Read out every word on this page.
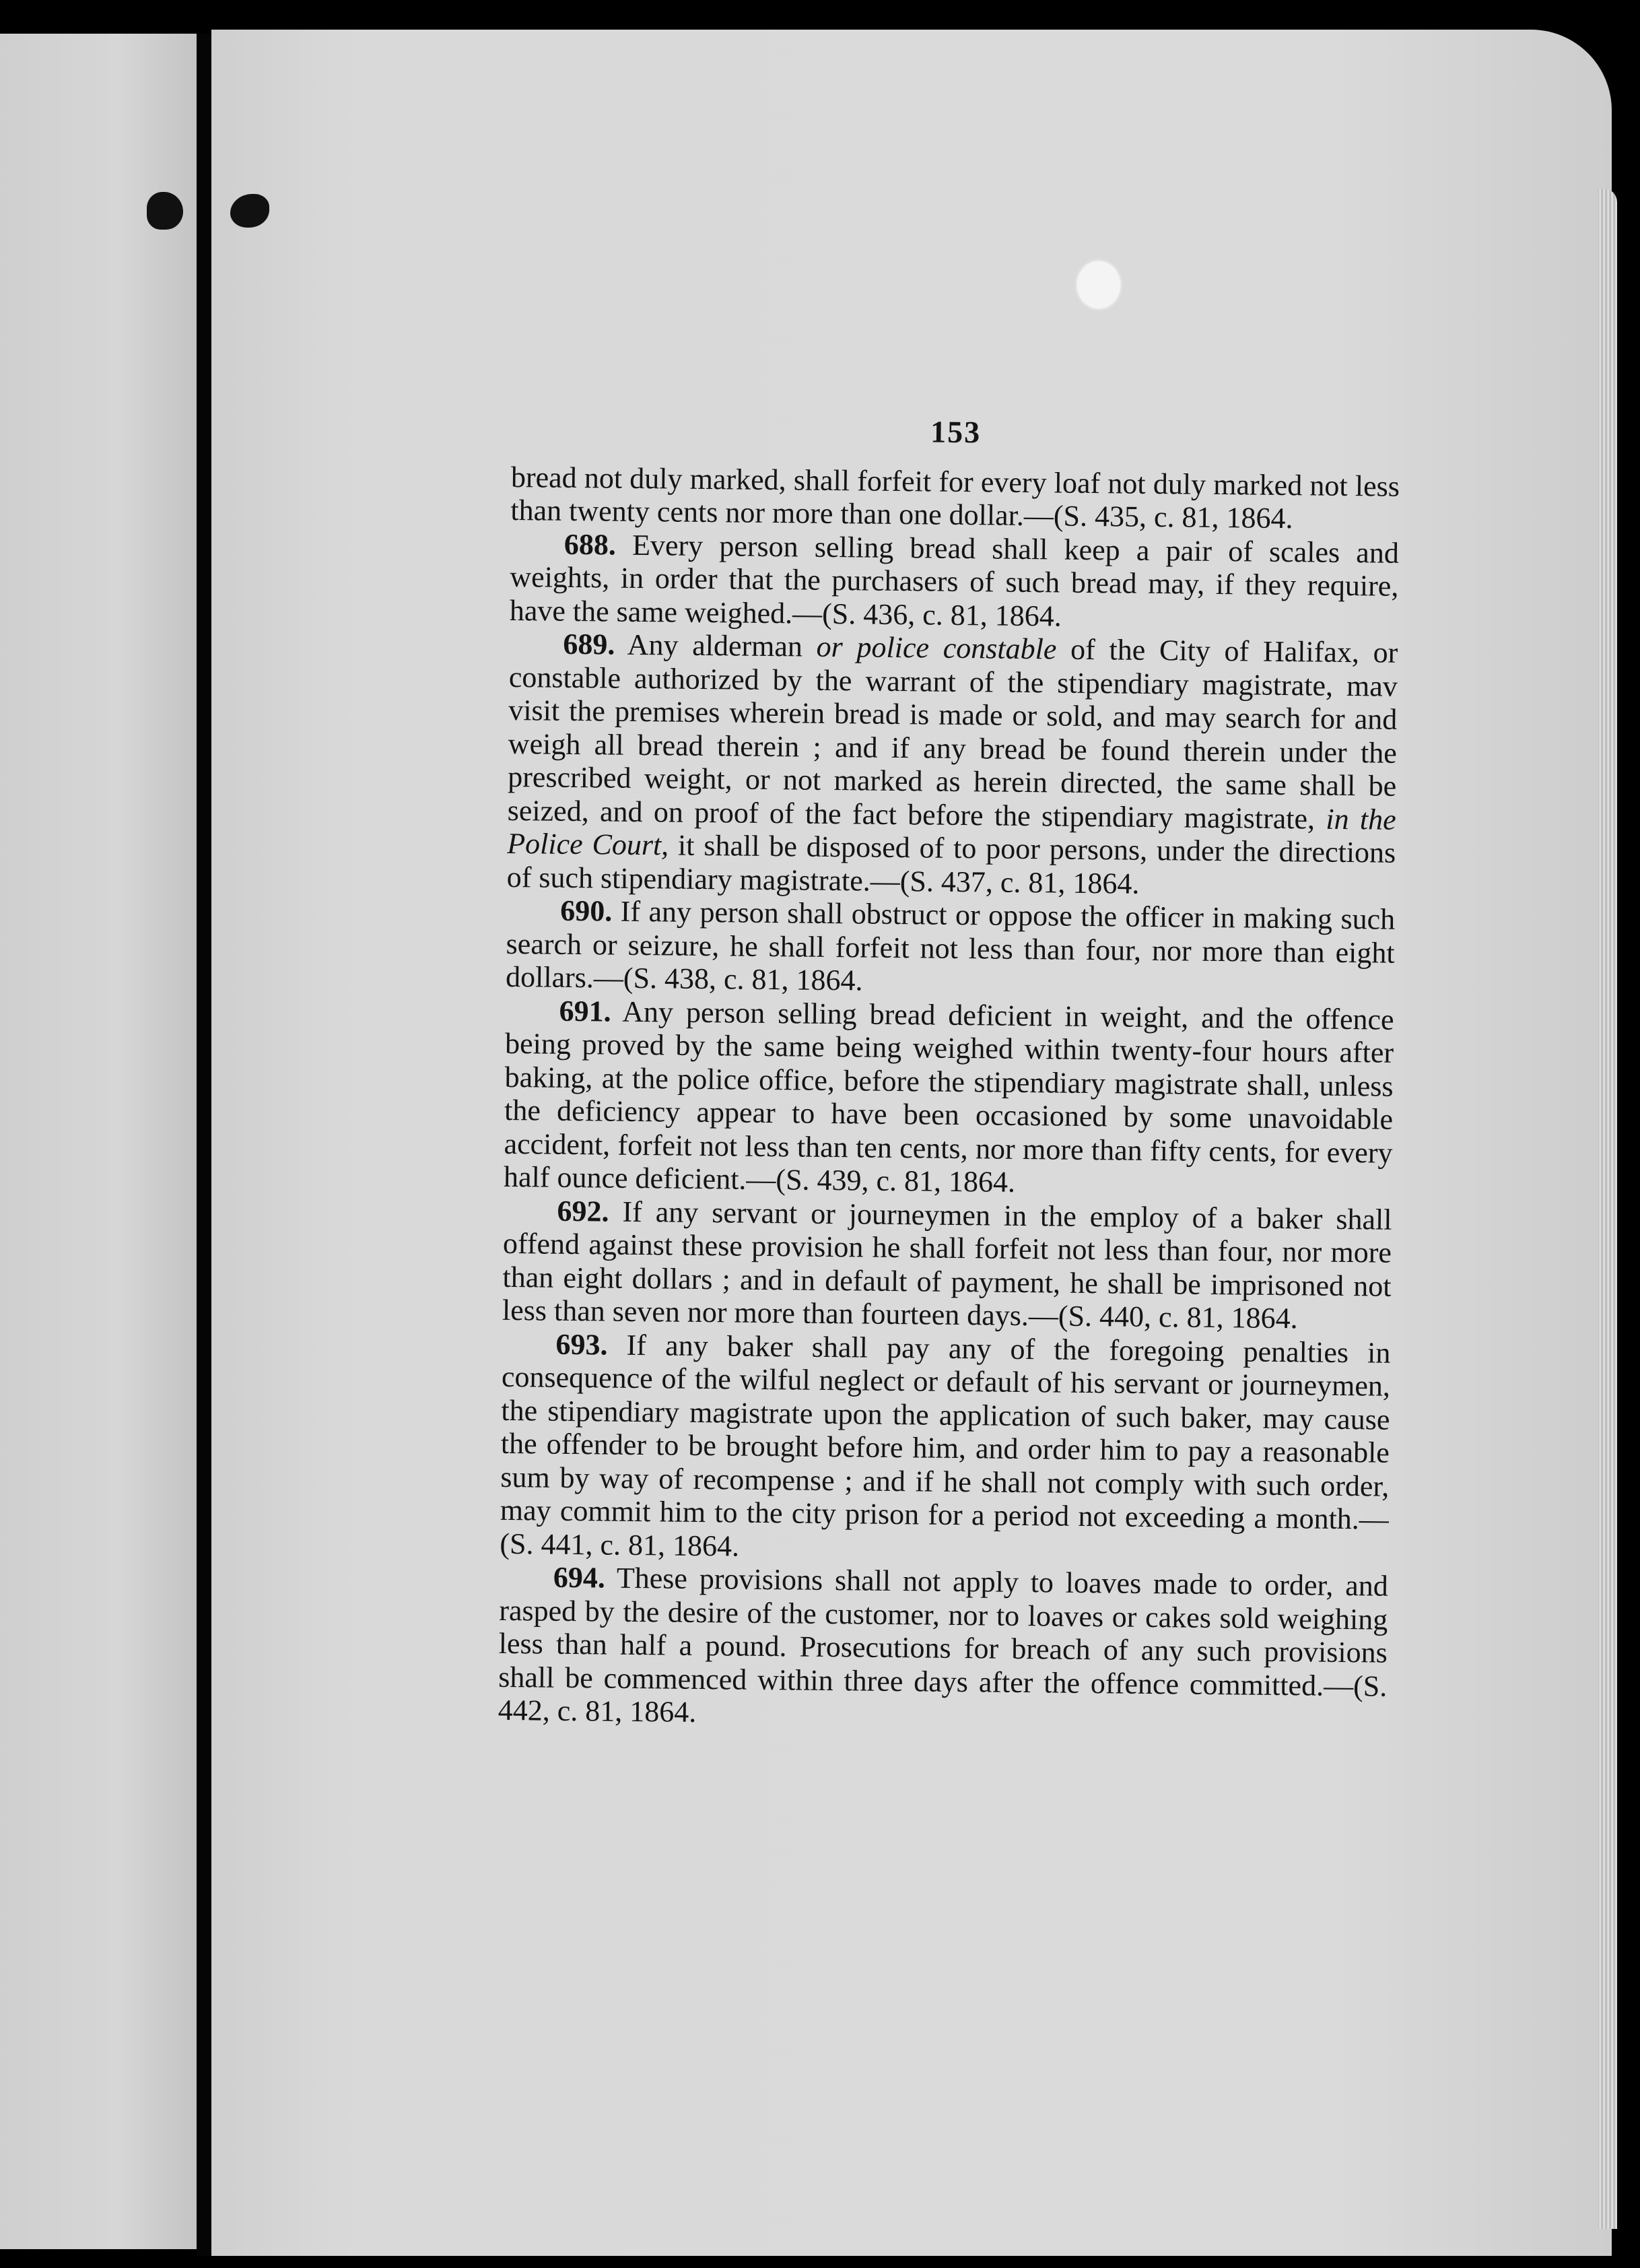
153

bread not duly marked, shall forfeit for every loaf not duly marked not less than twenty cents nor more than one dollar.—(S. 435, c. 81, 1864.

688. Every person selling bread shall keep a pair of scales and weights, in order that the purchasers of such bread may, if they require, have the same weighed.—(S. 436, c. 81, 1864.

689. Any alderman or police constable of the City of Halifax, or constable authorized by the warrant of the stipendiary magistrate, mav visit the premises wherein bread is made or sold, and may search for and weigh all bread therein ; and if any bread be found therein under the prescribed weight, or not marked as herein directed, the same shall be seized, and on proof of the fact before the stipendiary magistrate, in the Police Court, it shall be disposed of to poor persons, under the directions of such stipendiary magistrate.—(S. 437, c. 81, 1864.

690. If any person shall obstruct or oppose the officer in making such search or seizure, he shall forfeit not less than four, nor more than eight dollars.—(S. 438, c. 81, 1864.

691. Any person selling bread deficient in weight, and the offence being proved by the same being weighed within twenty-four hours after baking, at the police office, before the stipendiary magistrate shall, unless the deficiency appear to have been occasioned by some unavoidable accident, forfeit not less than ten cents, nor more than fifty cents, for every half ounce deficient.—(S. 439, c. 81, 1864.

692. If any servant or journeymen in the employ of a baker shall offend against these provision he shall forfeit not less than four, nor more than eight dollars ; and in default of payment, he shall be imprisoned not less than seven nor more than fourteen days.—(S. 440, c. 81, 1864.

693. If any baker shall pay any of the foregoing penalties in consequence of the wilful neglect or default of his servant or journeymen, the stipendiary magistrate upon the application of such baker, may cause the offender to be brought before him, and order him to pay a reasonable sum by way of recompense ; and if he shall not comply with such order, may commit him to the city prison for a period not exceeding a month.—(S. 441, c. 81, 1864.

694. These provisions shall not apply to loaves made to order, and rasped by the desire of the customer, nor to loaves or cakes sold weighing less than half a pound. Prosecutions for breach of any such provisions shall be commenced within three days after the offence committed.—(S. 442, c. 81, 1864.
